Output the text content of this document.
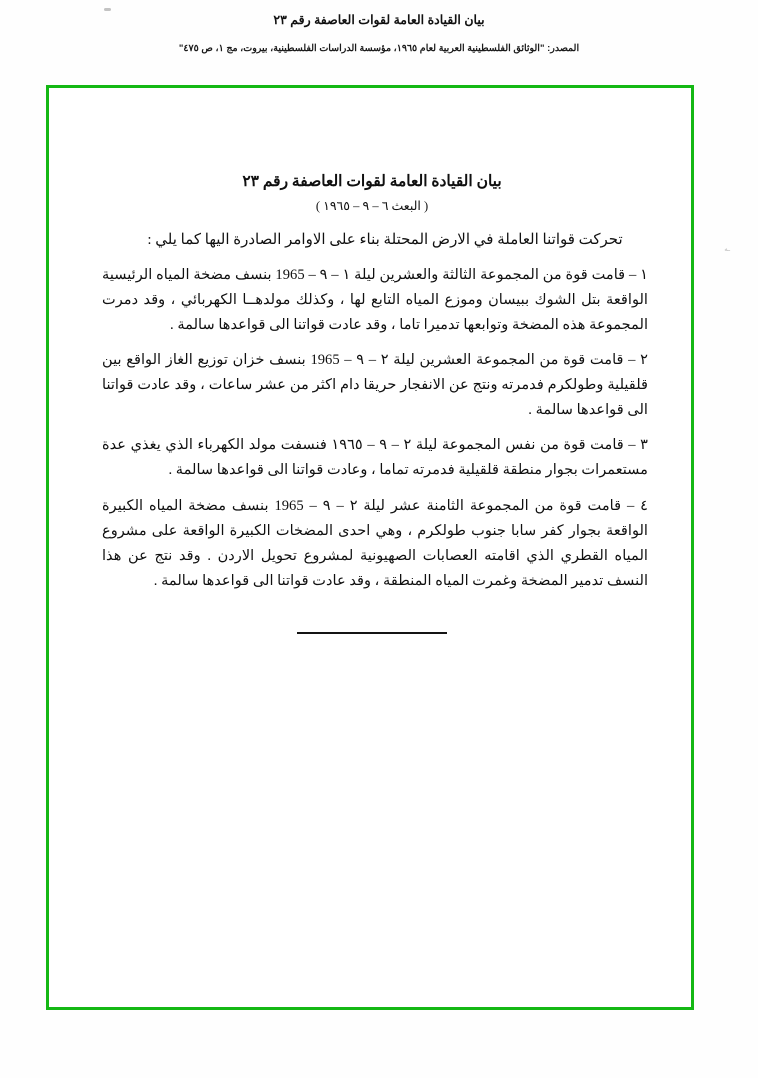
بيان القيادة العامة لقوات العاصفة رقم ٢٣
المصدر: "الوثائق الفلسطينية العربية لعام ١٩٦٥، مؤسسة الدراسات الفلسطينية، بيروت، مج ١، ص ٤٧٥"
ـه
بيان القيادة العامة لقوات العاصفة رقم ٢٣
( البعث ٦ – ٩ – ١٩٦٥ )
تحركت قواتنا العاملة في الارض المحتلة بناء على الاوامر الصادرة اليها كما يلي :
١ – قامت قوة من المجموعة الثالثة والعشرين ليلة ١ – ٩ – 1965 بنسف مضخة المياه الرئيسية الواقعة بتل الشوك ببيسان وموزع المياه التابع لها ، وكذلك مولدهــا الكهربائي ، وقد دمرت المجموعة هذه المضخة وتوابعها تدميرا تاما ، وقد عادت قواتنا الى قواعدها سالمة .
٢ – قامت قوة من المجموعة العشرين ليلة ٢ – ٩ – 1965 بنسف خزان توزيع الغاز الواقع بين قلقيلية وطولكرم فدمرته ونتج عن الانفجار حريقا دام اكثر من عشر ساعات ، وقد عادت قواتنا الى قواعدها سالمة .
٣ – قامت قوة من نفس المجموعة ليلة ٢ – ٩ – ١٩٦٥ فنسفت مولد الكهرباء الذي يغذي عدة مستعمرات بجوار منطقة قلقيلية فدمرته تماما ، وعادت قواتنا الى قواعدها سالمة .
٤ – قامت قوة من المجموعة الثامنة عشر ليلة ٢ – ٩ – 1965 بنسف مضخة المياه الكبيرة الواقعة بجوار كفر سابا جنوب طولكرم ، وهي احدى المضخات الكبيرة الواقعة على مشروع المياه القطري الذي اقامته العصابات الصهيونية لمشروع تحويل الاردن . وقد نتج عن هذا النسف تدمير المضخة وغمرت المياه المنطقة ، وقد عادت قواتنا الى قواعدها سالمة .
